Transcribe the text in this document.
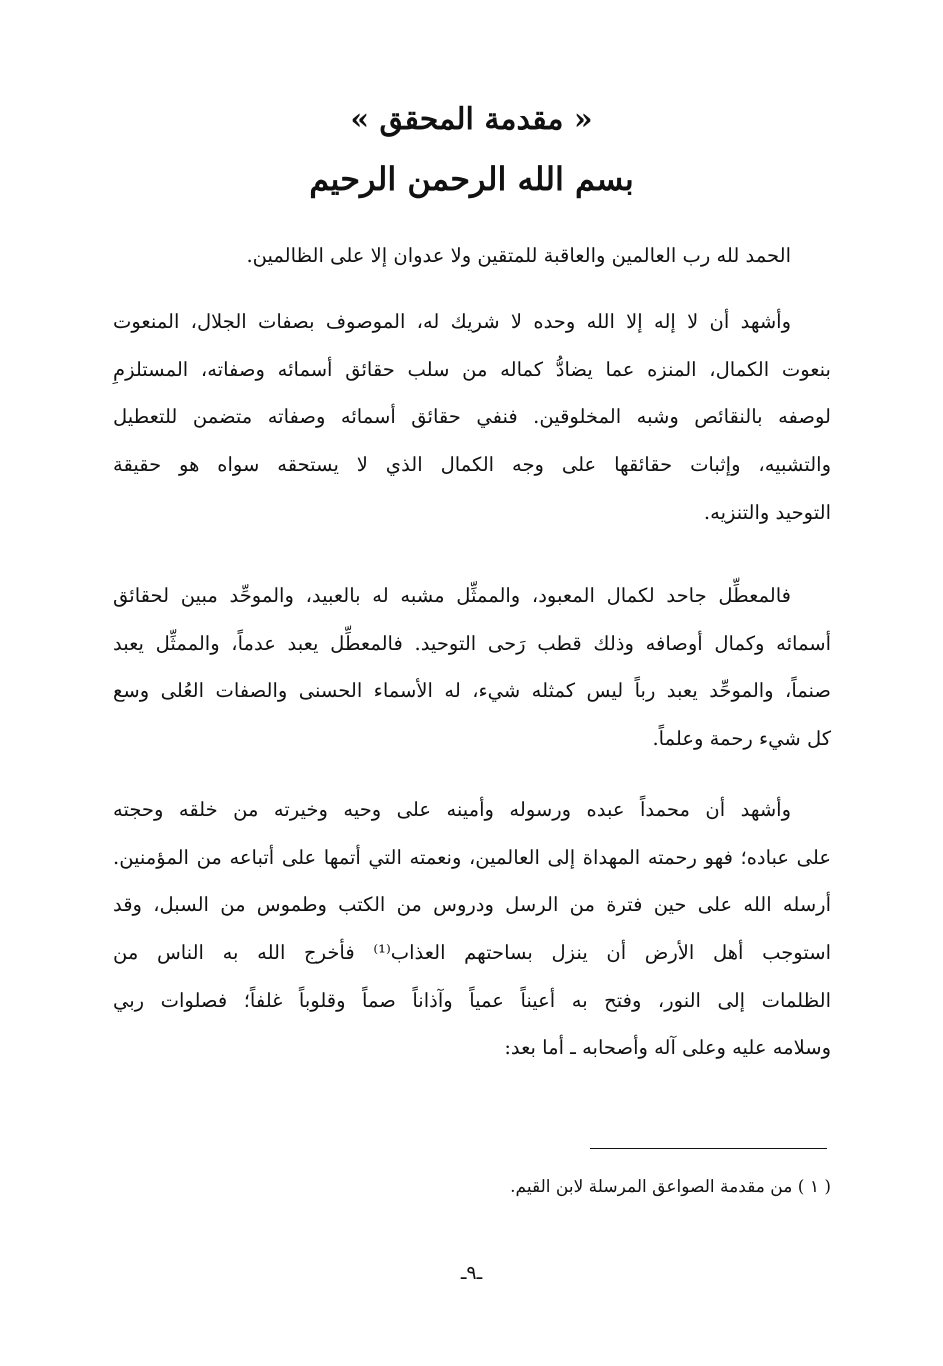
« مقدمة المحقق »
بسم الله الرحمن الرحيم
الحمد لله رب العالمين والعاقبة للمتقين ولا عدوان إلا على الظالمين.
وأشهد أن لا إله إلا الله وحده لا شريك له، الموصوف بصفات الجلال، المنعوت
بنعوت الكمال، المنزه عما يضادُّ كماله من سلب حقائق أسمائه وصفاته، المستلزمِ
لوصفه بالنقائص وشبه المخلوقين. فنفي حقائق أسمائه وصفاته متضمن للتعطيل
والتشبيه، وإثبات حقائقها على وجه الكمال الذي لا يستحقه سواه هو حقيقة
التوحيد والتنزيه.
فالمعطِّل جاحد لكمال المعبود، والممثِّل مشبه له بالعبيد، والموحِّد مبين لحقائق
أسمائه وكمال أوصافه وذلك قطب رَحى التوحيد. فالمعطِّل يعبد عدماً، والممثِّل يعبد
صنماً، والموحِّد يعبد رباً ليس كمثله شيء، له الأسماء الحسنى والصفات العُلى وسع
كل شيء رحمة وعلماً.
وأشهد أن محمداً عبده ورسوله وأمينه على وحيه وخيرته من خلقه وحجته
على عباده؛ فهو رحمته المهداة إلى العالمين، ونعمته التي أتمها على أتباعه من المؤمنين.
أرسله الله على حين فترة من الرسل ودروس من الكتب وطموس من السبل، وقد
استوجب أهل الأرض أن ينزل بساحتهم العذاب⁽¹⁾ فأخرج الله به الناس من
الظلمات إلى النور، وفتح به أعيناً عمياً وآذاناً صماً وقلوباً غلفاً؛ فصلوات ربي
وسلامه عليه وعلى آله وأصحابه ـ أما بعد:
( ١ ) من مقدمة الصواعق المرسلة لابن القيم.
ـ٩ـ
